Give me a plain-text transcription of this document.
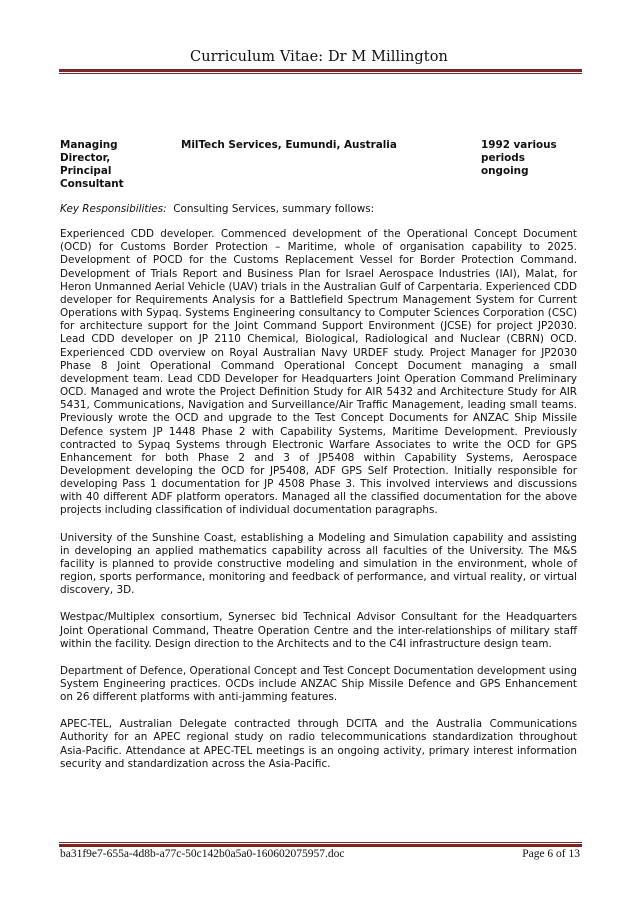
Curriculum Vitae: Dr M Millington
Managing
Director,
Principal
Consultant
MilTech Services, Eumundi, Australia	1992 various
periods
ongoing
Key Responsibilities: Consulting Services, summary follows:

Experienced CDD developer. Commenced development of the Operational Concept Document (OCD) for Customs Border Protection – Maritime, whole of organisation capability to 2025. Development of POCD for the Customs Replacement Vessel for Border Protection Command. Development of Trials Report and Business Plan for Israel Aerospace Industries (IAI), Malat, for Heron Unmanned Aerial Vehicle (UAV) trials in the Australian Gulf of Carpentaria. Experienced CDD developer for Requirements Analysis for a Battlefield Spectrum Management System for Current Operations with Sypaq. Systems Engineering consultancy to Computer Sciences Corporation (CSC) for architecture support for the Joint Command Support Environment (JCSE) for project JP2030. Lead CDD developer on JP 2110 Chemical, Biological, Radiological and Nuclear (CBRN) OCD. Experienced CDD overview on Royal Australian Navy URDEF study. Project Manager for JP2030 Phase 8 Joint Operational Command Operational Concept Document managing a small development team. Lead CDD Developer for Headquarters Joint Operation Command Preliminary OCD. Managed and wrote the Project Definition Study for AIR 5432 and Architecture Study for AIR 5431, Communications, Navigation and Surveillance/Air Traffic Management, leading small teams. Previously wrote the OCD and upgrade to the Test Concept Documents for ANZAC Ship Missile Defence system JP 1448 Phase 2 with Capability Systems, Maritime Development. Previously contracted to Sypaq Systems through Electronic Warfare Associates to write the OCD for GPS Enhancement for both Phase 2 and 3 of JP5408 within Capability Systems, Aerospace Development developing the OCD for JP5408, ADF GPS Self Protection. Initially responsible for developing Pass 1 documentation for JP 4508 Phase 3. This involved interviews and discussions with 40 different ADF platform operators. Managed all the classified documentation for the above projects including classification of individual documentation paragraphs.

University of the Sunshine Coast, establishing a Modeling and Simulation capability and assisting in developing an applied mathematics capability across all faculties of the University. The M&S facility is planned to provide constructive modeling and simulation in the environment, whole of region, sports performance, monitoring and feedback of performance, and virtual reality, or virtual discovery, 3D.

Westpac/Multiplex consortium, Synersec bid Technical Advisor Consultant for the Headquarters Joint Operational Command, Theatre Operation Centre and the inter-relationships of military staff within the facility. Design direction to the Architects and to the C4I infrastructure design team.

Department of Defence, Operational Concept and Test Concept Documentation development using System Engineering practices. OCDs include ANZAC Ship Missile Defence and GPS Enhancement on 26 different platforms with anti-jamming features.

APEC-TEL, Australian Delegate contracted through DCITA and the Australia Communications Authority for an APEC regional study on radio telecommunications standardization throughout Asia-Pacific. Attendance at APEC-TEL meetings is an ongoing activity, primary interest information security and standardization across the Asia-Pacific.

ba31f9e7-655a-4d8b-a77c-50c142b0a5a0-160602075957.doc	Page 6 of 13
